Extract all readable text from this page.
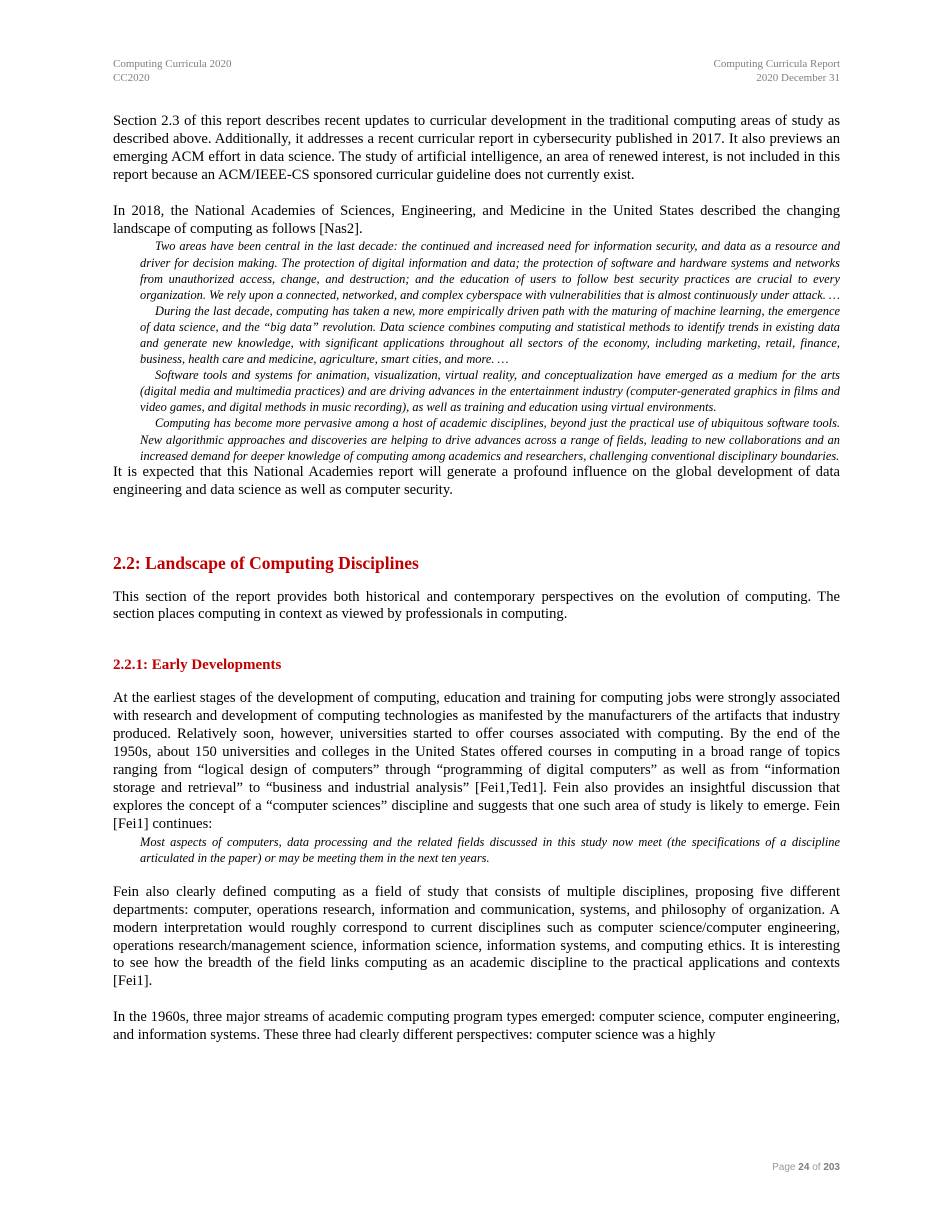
Computing Curricula 2020
CC2020
Computing Curricula Report
2020 December 31

Section 2.3 of this report describes recent updates to curricular development in the traditional computing areas of study as described above. Additionally, it addresses a recent curricular report in cybersecurity published in 2017. It also previews an emerging ACM effort in data science. The study of artificial intelligence, an area of renewed interest, is not included in this report because an ACM/IEEE-CS sponsored curricular guideline does not currently exist.

In 2018, the National Academies of Sciences, Engineering, and Medicine in the United States described the changing landscape of computing as follows [Nas2].

Two areas have been central in the last decade: the continued and increased need for information security, and data as a resource and driver for decision making. The protection of digital information and data; the protection of software and hardware systems and networks from unauthorized access, change, and destruction; and the education of users to follow best security practices are crucial to every organization. We rely upon a connected, networked, and complex cyberspace with vulnerabilities that is almost continuously under attack. …

During the last decade, computing has taken a new, more empirically driven path with the maturing of machine learning, the emergence of data science, and the “big data” revolution. Data science combines computing and statistical methods to identify trends in existing data and generate new knowledge, with significant applications throughout all sectors of the economy, including marketing, retail, finance, business, health care and medicine, agriculture, smart cities, and more. …

Software tools and systems for animation, visualization, virtual reality, and conceptualization have emerged as a medium for the arts (digital media and multimedia practices) and are driving advances in the entertainment industry (computer-generated graphics in films and video games, and digital methods in music recording), as well as training and education using virtual environments.

Computing has become more pervasive among a host of academic disciplines, beyond just the practical use of ubiquitous software tools. New algorithmic approaches and discoveries are helping to drive advances across a range of fields, leading to new collaborations and an increased demand for deeper knowledge of computing among academics and researchers, challenging conventional disciplinary boundaries.

It is expected that this National Academies report will generate a profound influence on the global development of data engineering and data science as well as computer security.

2.2: Landscape of Computing Disciplines

This section of the report provides both historical and contemporary perspectives on the evolution of computing. The section places computing in context as viewed by professionals in computing.

2.2.1: Early Developments

At the earliest stages of the development of computing, education and training for computing jobs were strongly associated with research and development of computing technologies as manifested by the manufacturers of the artifacts that industry produced. Relatively soon, however, universities started to offer courses associated with computing. By the end of the 1950s, about 150 universities and colleges in the United States offered courses in computing in a broad range of topics ranging from “logical design of computers” through “programming of digital computers” as well as from “information storage and retrieval” to “business and industrial analysis” [Fei1,Ted1]. Fein also provides an insightful discussion that explores the concept of a “computer sciences” discipline and suggests that one such area of study is likely to emerge. Fein [Fei1] continues:

Most aspects of computers, data processing and the related fields discussed in this study now meet (the specifications of a discipline articulated in the paper) or may be meeting them in the next ten years.

Fein also clearly defined computing as a field of study that consists of multiple disciplines, proposing five different departments: computer, operations research, information and communication, systems, and philosophy of organization. A modern interpretation would roughly correspond to current disciplines such as computer science/computer engineering, operations research/management science, information science, information systems, and computing ethics. It is interesting to see how the breadth of the field links computing as an academic discipline to the practical applications and contexts [Fei1].

In the 1960s, three major streams of academic computing program types emerged: computer science, computer engineering, and information systems. These three had clearly different perspectives: computer science was a highly

Page 24 of 203
